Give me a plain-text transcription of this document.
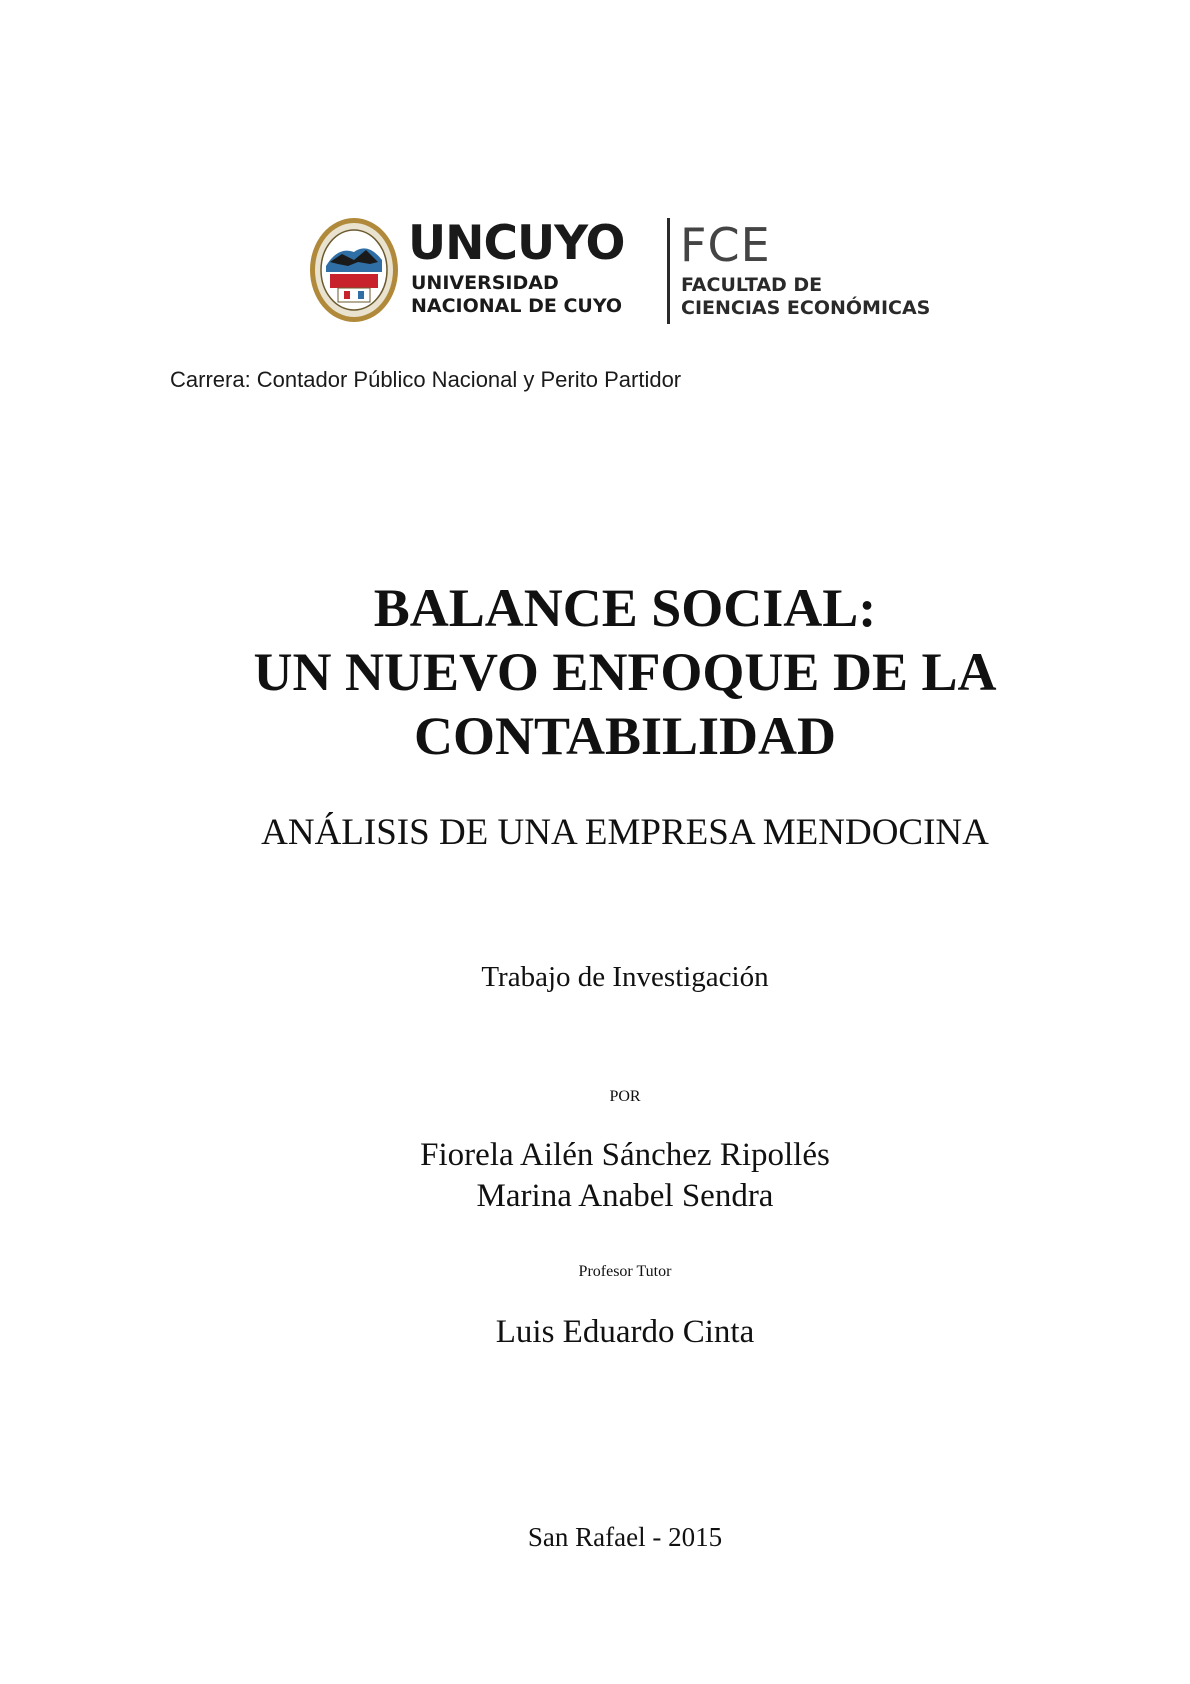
UNCUYO
UNIVERSIDAD
NACIONAL DE CUYO
FCE
FACULTAD DE
CIENCIAS ECONÓMICAS
Carrera: Contador Público Nacional y Perito Partidor
BALANCE SOCIAL:
UN NUEVO ENFOQUE DE LA
CONTABILIDAD
ANÁLISIS DE UNA EMPRESA MENDOCINA
Trabajo de Investigación
POR
Fiorela Ailén Sánchez Ripollés
Marina Anabel Sendra
Profesor Tutor
Luis Eduardo Cinta
San Rafael - 2015
